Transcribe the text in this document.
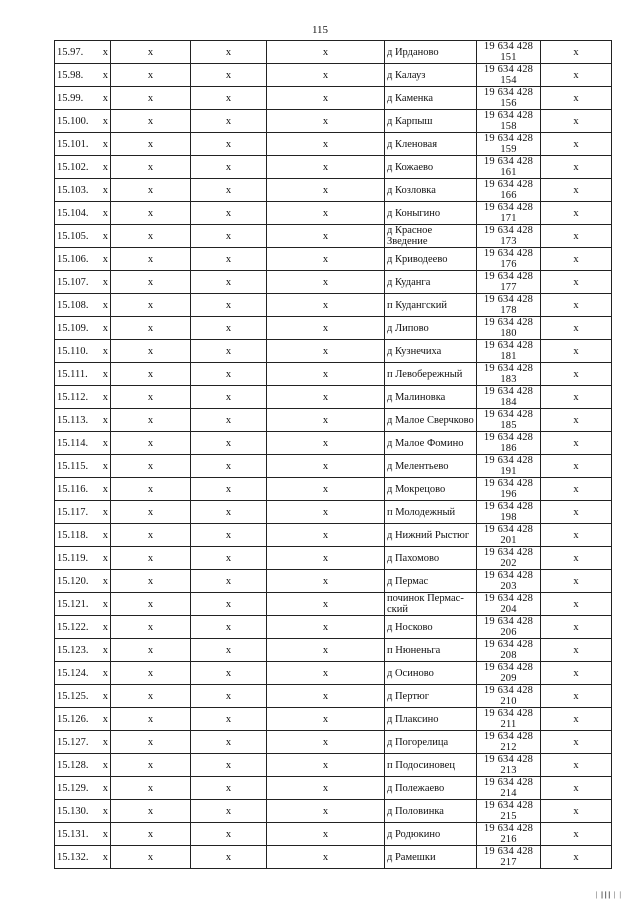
115
15.97. x	x	x	x	д Ирданово	19 634 428 151	x
15.98. x	x	x	x	д Калауз	19 634 428 154	x
15.99. x	x	x	x	д Каменка	19 634 428 156	x
15.100. x	x	x	x	д Карпыш	19 634 428 158	x
15.101. x	x	x	x	д Кленовая	19 634 428 159	x
15.102. x	x	x	x	д Кожаево	19 634 428 161	x
15.103. x	x	x	x	д Козловка	19 634 428 166	x
15.104. x	x	x	x	д Коныгино	19 634 428 171	x
15.105. x	x	x	x	д Красное Зведение	19 634 428 173	x
15.106. x	x	x	x	д Криводеево	19 634 428 176	x
15.107. x	x	x	x	д Куданга	19 634 428 177	x
15.108. x	x	x	x	п Кудангский	19 634 428 178	x
15.109. x	x	x	x	д Липово	19 634 428 180	x
15.110. x	x	x	x	д Кузнечиха	19 634 428 181	x
15.111. x	x	x	x	п Левобережный	19 634 428 183	x
15.112. x	x	x	x	д Малиновка	19 634 428 184	x
15.113. x	x	x	x	д Малое Сверчково	19 634 428 185	x
15.114. x	x	x	x	д Малое Фомино	19 634 428 186	x
15.115. x	x	x	x	д Мелентьево	19 634 428 191	x
15.116. x	x	x	x	д Мокрецово	19 634 428 196	x
15.117. x	x	x	x	п Молодежный	19 634 428 198	x
15.118. x	x	x	x	д Нижний Рыстюг	19 634 428 201	x
15.119. x	x	x	x	д Пахомово	19 634 428 202	x
15.120. x	x	x	x	д Пермас	19 634 428 203	x
15.121. x	x	x	x	починок Пермас-ский	19 634 428 204	x
15.122. x	x	x	x	д Носково	19 634 428 206	x
15.123. x	x	x	x	п Нюненьга	19 634 428 208	x
15.124. x	x	x	x	д Осиново	19 634 428 209	x
15.125. x	x	x	x	д Пертюг	19 634 428 210	x
15.126. x	x	x	x	д Плаксино	19 634 428 211	x
15.127. x	x	x	x	д Погорелица	19 634 428 212	x
15.128. x	x	x	x	п Подосиновец	19 634 428 213	x
15.129. x	x	x	x	д Полежаево	19 634 428 214	x
15.130. x	x	x	x	д Половинка	19 634 428 215	x
15.131. x	x	x	x	д Родюкино	19 634 428 216	x
15.132. x	x	x	x	д Рамешки	19 634 428 217	x
│ ┃┃┃ │ │
